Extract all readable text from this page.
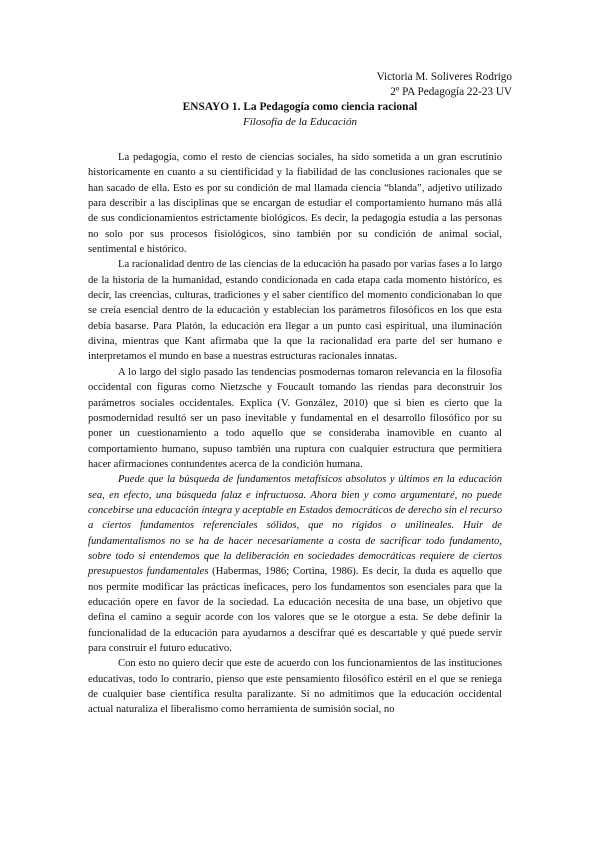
Victoria M. Soliveres Rodrigo
2º PA Pedagogía 22-23 UV
ENSAYO 1. La Pedagogía como ciencia racional
Filosofía de la Educación

La pedagogía, como el resto de ciencias sociales, ha sido sometida a un gran escrutinio historicamente en cuanto a su cientificidad y la fiabilidad de las conclusiones racionales que se han sacado de ella. Esto es por su condición de mal llamada ciencia “blanda”, adjetivo utilizado para describir a las disciplinas que se encargan de estudiar el comportamiento humano más allá de sus condicionamientos estrictamente biológicos. Es decir, la pedagogía estudia a las personas no solo por sus procesos fisiológicos, sino también por su condición de animal social, sentimental e histórico.

La racionalidad dentro de las ciencias de la educación ha pasado por varias fases a lo largo de la historia de la humanidad, estando condicionada en cada etapa cada momento histórico, es decir, las creencias, culturas, tradiciones y el saber científico del momento condicionaban lo que se creía esencial dentro de la educación y establecían los parámetros filosóficos en los que esta debía basarse. Para Platón, la educación era llegar a un punto casi espiritual, una iluminación divina, mientras que Kant afirmaba que la que la racionalidad era parte del ser humano e interpretamos el mundo en base a nuestras estructuras racionales innatas.

A lo largo del siglo pasado las tendencias posmodernas tomaron relevancia en la filosofía occidental con figuras como Nietzsche y Foucault tomando las riendas para deconstruir los parámetros sociales occidentales. Explica (V. González, 2010) que si bien es cierto que la posmodernidad resultó ser un paso inevitable y fundamental en el desarrollo filosófico por su poner un cuestionamiento a todo aquello que se consideraba inamovible en cuanto al comportamiento humano, supuso también una ruptura con cualquier estructura que permitiera hacer afirmaciones contundentes acerca de la condición humana.

Puede que la búsqueda de fundamentos metafísicos absolutos y últimos en la educación sea, en efecto, una búsqueda falaz e infructuosa. Ahora bien y como argumentaré, no puede concebirse una educación íntegra y aceptable en Estados democráticos de derecho sin el recurso a ciertos fundamentos referenciales sólidos, que no rígidos o unilineales. Huir de fundamentalismos no se ha de hacer necesariamente a costa de sacrificar todo fundamento, sobre todo si entendemos que la deliberación en sociedades democráticas requiere de ciertos presupuestos fundamentales (Habermas, 1986; Cortina, 1986). Es decir, la duda es aquello que nos permite modificar las prácticas ineficaces, pero los fundamentos son esenciales para que la educación opere en favor de la sociedad. La educación necesita de una base, un objetivo que defina el camino a seguir acorde con los valores que se le otorgue a esta. Se debe definir la funcionalidad de la educación para ayudarnos a descifrar qué es descartable y qué puede servir para construir el futuro educativo.

Con esto no quiero decir que este de acuerdo con los funcionamientos de las instituciones educativas, todo lo contrario, pienso que este pensamiento filosófico estéril en el que se reniega de cualquier base científica resulta paralizante. Si no admitimos que la educación occidental actual naturaliza el liberalismo como herramienta de sumisión social, no
